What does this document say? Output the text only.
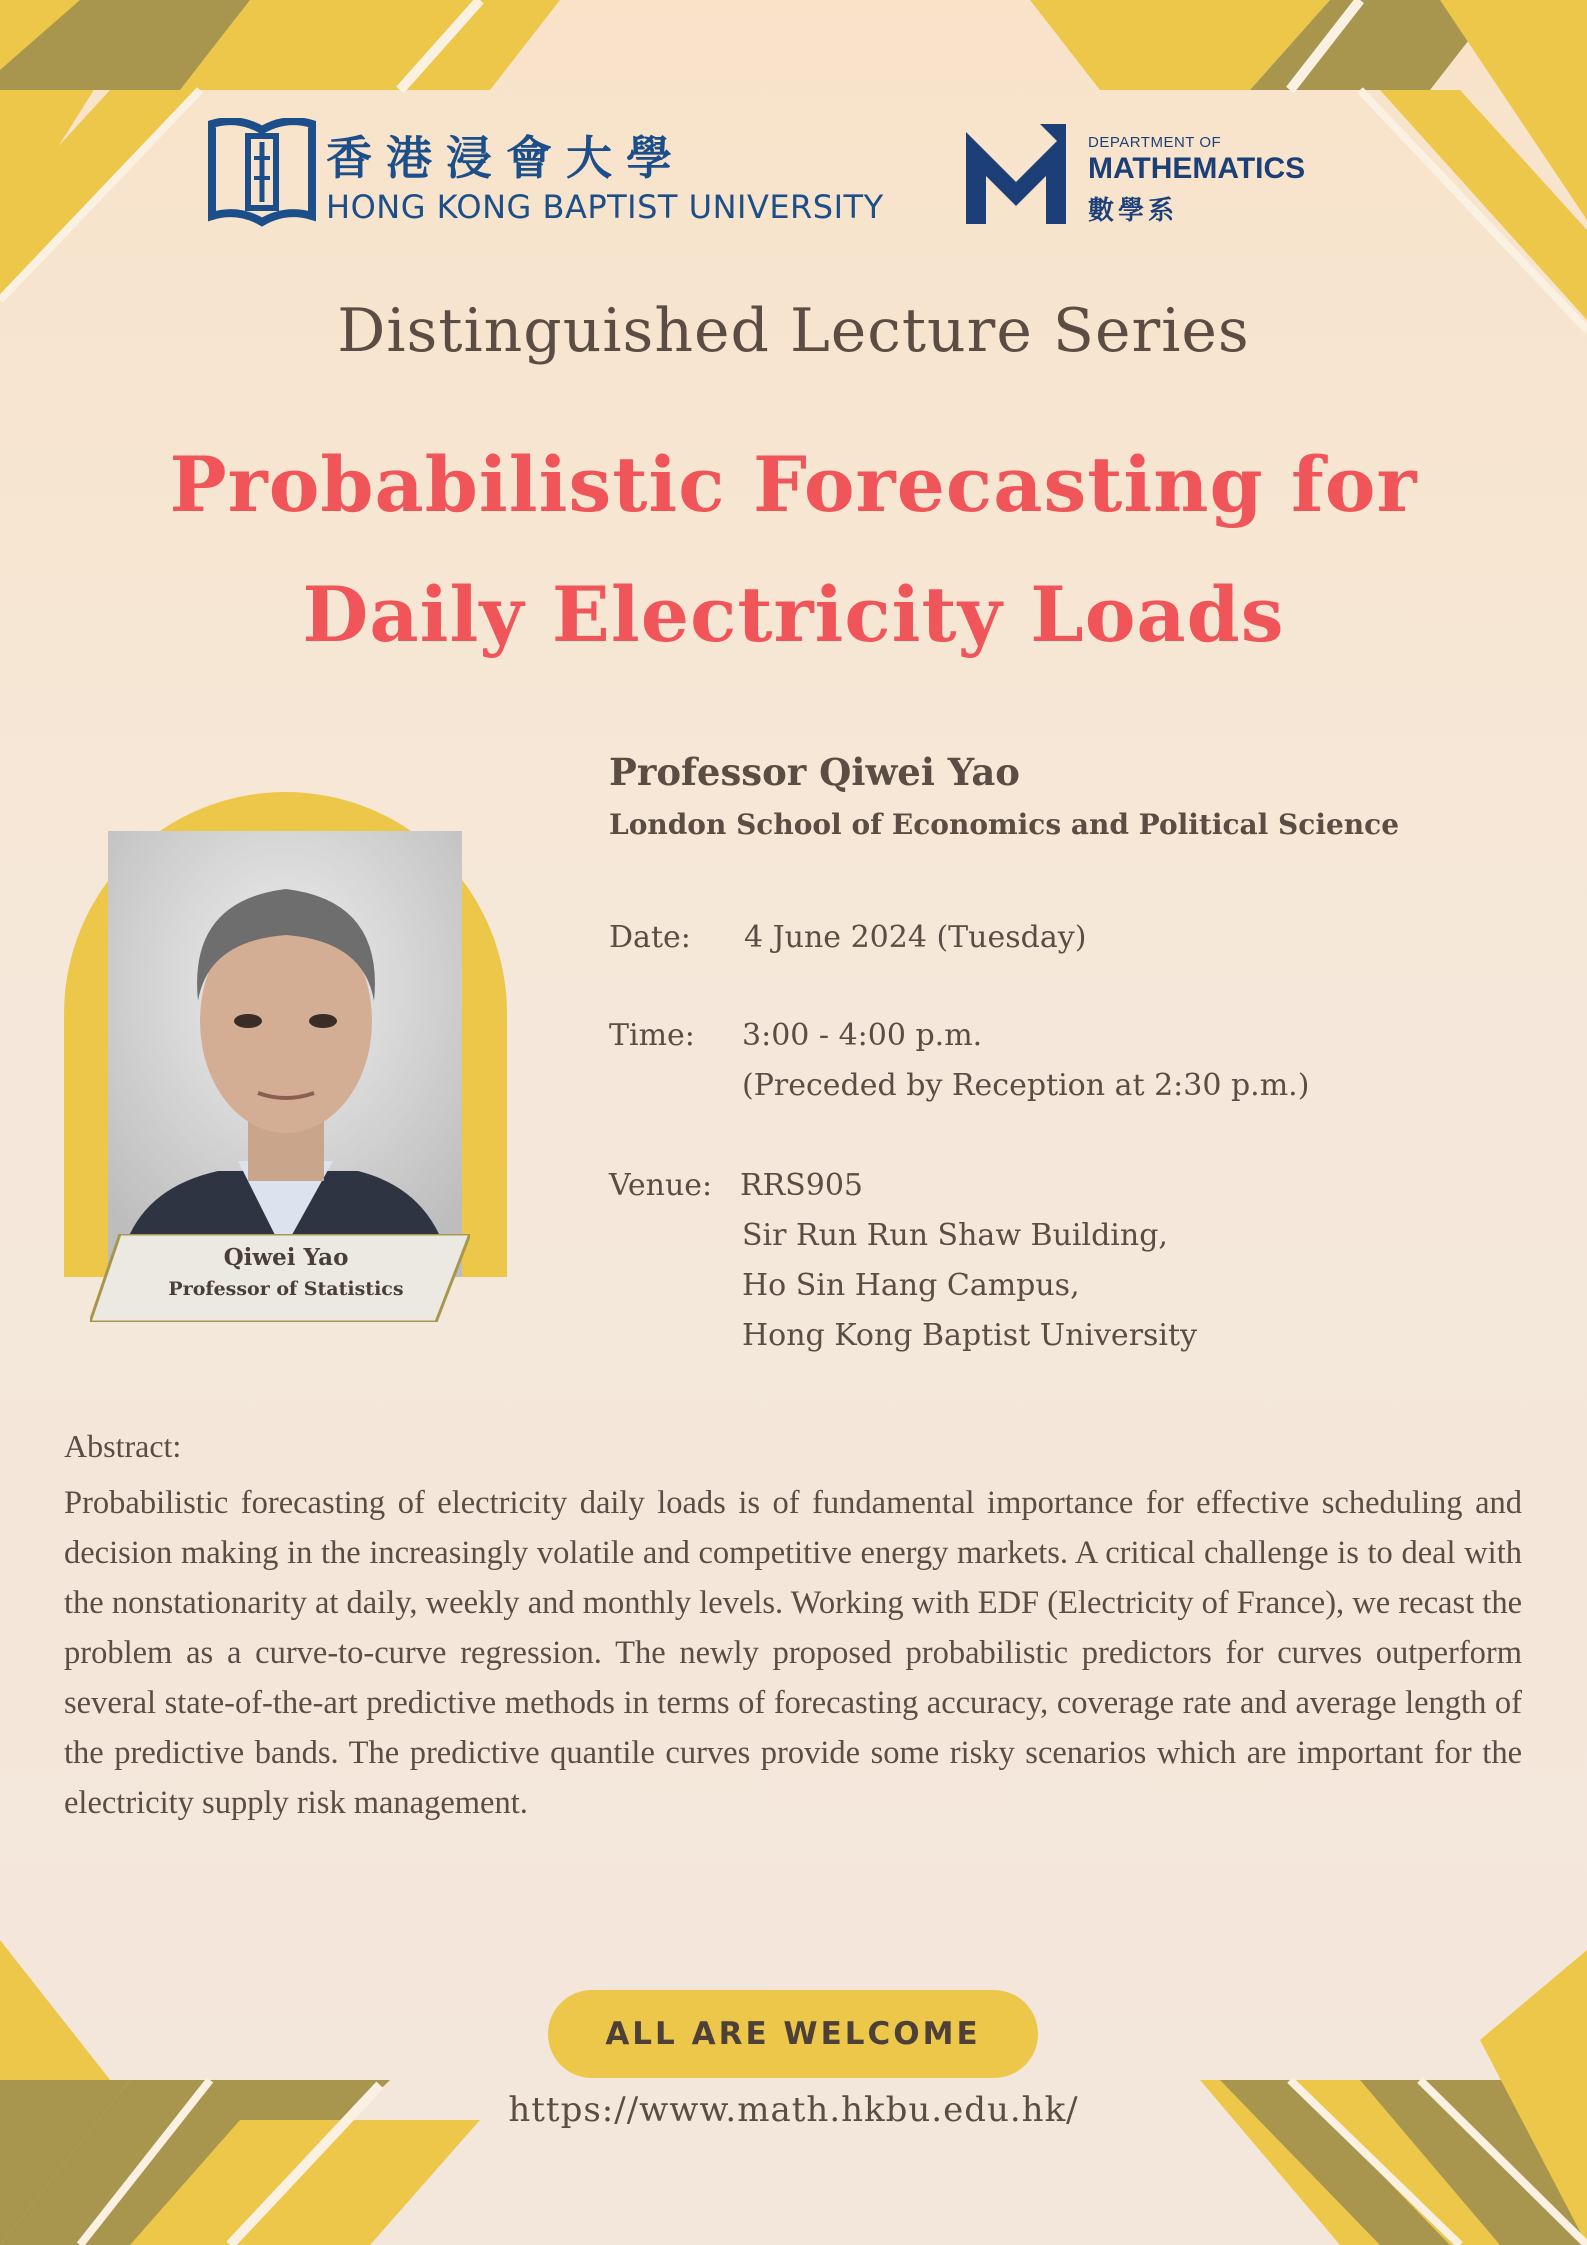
香港浸會大學
HONG KONG BAPTIST UNIVERSITY
DEPARTMENT OF
MATHEMATICS
數學系
Distinguished Lecture Series
Probabilistic Forecasting for
Daily Electricity Loads
Qiwei Yao
Professor of Statistics
Professor Qiwei Yao
London School of Economics and Political Science
Date: 4 June 2024 (Tuesday)
Time: 3:00 - 4:00 p.m.
(Preceded by Reception at 2:30 p.m.)
Venue: RRS905
Sir Run Run Shaw Building,
Ho Sin Hang Campus,
Hong Kong Baptist University
Abstract:
Probabilistic forecasting of electricity daily loads is of fundamental importance for effective scheduling and decision making in the increasingly volatile and competitive energy markets. A critical challenge is to deal with the nonstationarity at daily, weekly and monthly levels. Working with EDF (Electricity of France), we recast the problem as a curve-to-curve regression. The newly proposed probabilistic predictors for curves outperform several state-of-the-art predictive methods in terms of forecasting accuracy, coverage rate and average length of the predictive bands. The predictive quantile curves provide some risky scenarios which are important for the electricity supply risk management.
ALL ARE WELCOME
https://www.math.hkbu.edu.hk/
